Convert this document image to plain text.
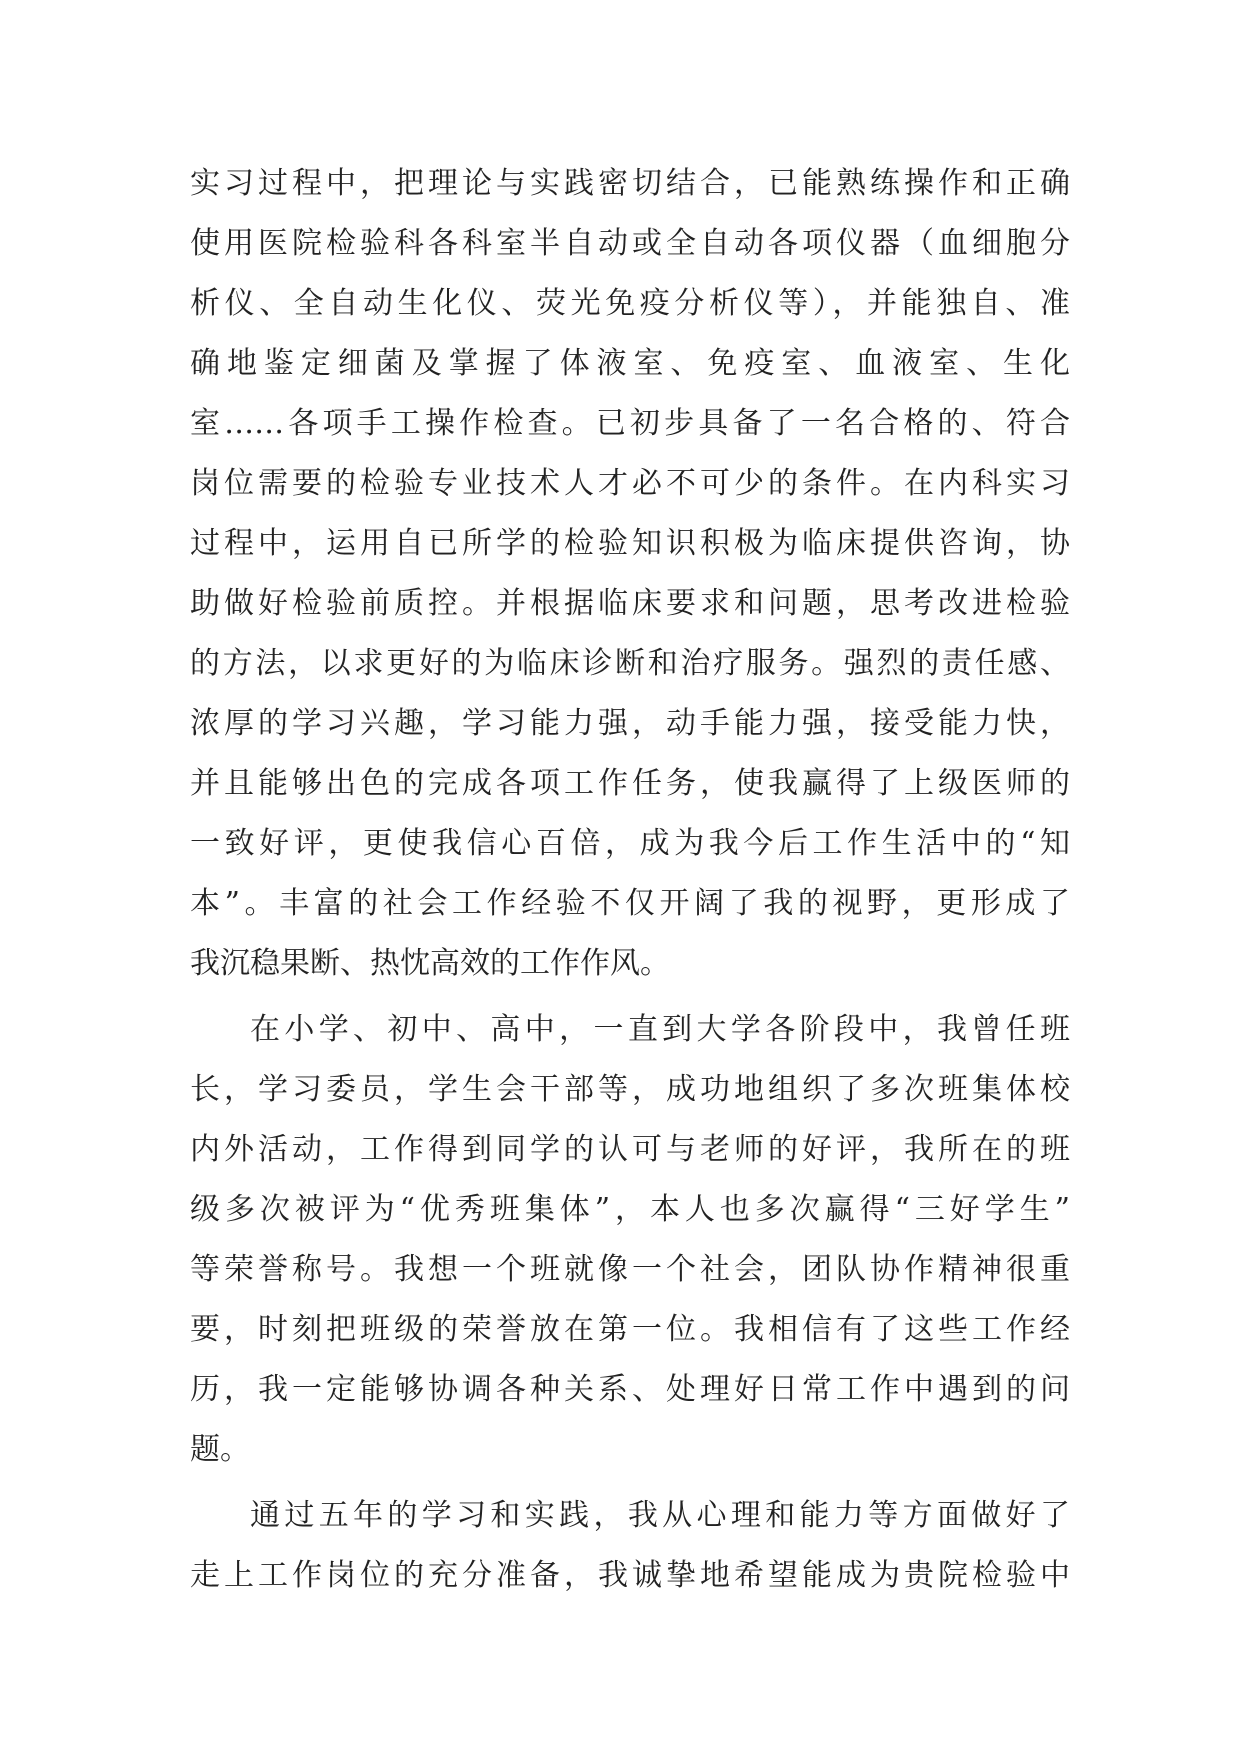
实习过程中，把理论与实践密切结合，已能熟练操作和正确
使用医院检验科各科室半自动或全自动各项仪器（血细胞分
析仪、全自动生化仪、荧光免疫分析仪等），并能独自、准
确地鉴定细菌及掌握了体液室、免疫室、血液室、生化
室……各项手工操作检查。已初步具备了一名合格的、符合
岗位需要的检验专业技术人才必不可少的条件。在内科实习
过程中，运用自已所学的检验知识积极为临床提供咨询，协
助做好检验前质控。并根据临床要求和问题，思考改进检验
的方法，以求更好的为临床诊断和治疗服务。强烈的责任感、
浓厚的学习兴趣，学习能力强，动手能力强，接受能力快，
并且能够出色的完成各项工作任务，使我赢得了上级医师的
一致好评，更使我信心百倍，成为我今后工作生活中的“知
本”。丰富的社会工作经验不仅开阔了我的视野，更形成了
我沉稳果断、热忱高效的工作作风。
在小学、初中、高中，一直到大学各阶段中，我曾任班
长，学习委员，学生会干部等，成功地组织了多次班集体校
内外活动，工作得到同学的认可与老师的好评，我所在的班
级多次被评为“优秀班集体”，本人也多次赢得“三好学生”
等荣誉称号。我想一个班就像一个社会，团队协作精神很重
要，时刻把班级的荣誉放在第一位。我相信有了这些工作经
历，我一定能够协调各种关系、处理好日常工作中遇到的问
题。
通过五年的学习和实践，我从心理和能力等方面做好了
走上工作岗位的充分准备，我诚挚地希望能成为贵院检验中
